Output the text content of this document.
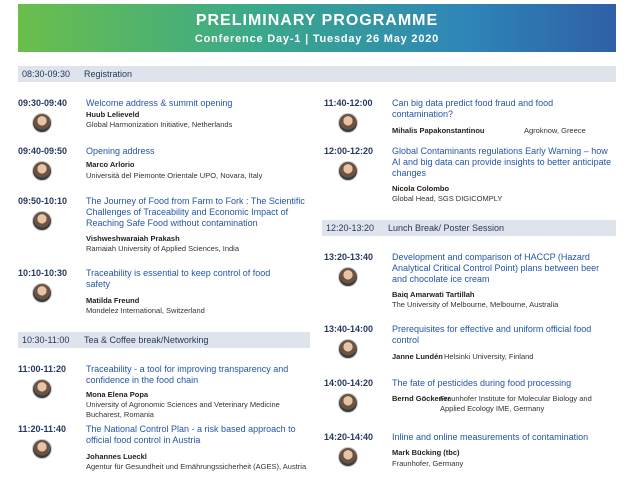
PRELIMINARY PROGRAMME
Conference Day-1 | Tuesday 26 May 2020
08:30-09:30	Registration
09:30-09:40 Welcome address & summit opening
Huub Lelieveld
Global Harmonization Initiative, Netherlands
09:40-09:50 Opening address
Marco Arlorio
Università del Piemonte Orientale UPO, Novara, Italy
09:50-10:10 The Journey of Food from Farm to Fork : The Scientific Challenges of Traceability and Economic Impact of Reaching Safe Food without contamination
Vishweshwaraiah Prakash
Ramaiah University of Applied Sciences, India
10:10-10:30 Traceability is essential to keep control of food safety
Matilda Freund
Mondelez International, Switzerland
10:30-11:00	Tea & Coffee break/Networking
11:00-11:20 Traceability - a tool for improving transparency and confidence in the food chain
Mona Elena Popa
University of Agronomic Sciences and Veterinary Medicine Bucharest, Romania
11:20-11:40 The National Control Plan - a risk based approach to official food control in Austria
Johannes Lueckl
Agentur für Gesundheit und Ernährungssicherheit (AGES), Austria
11:40-12:00 Can big data predict food fraud and food contamination?
Mihalis Papakonstantinou	Agroknow, Greece
12:00-12:20 Global Contaminants regulations Early Warning – how AI and big data can provide insights to better anticipate changes
Nicola Colombo
Global Head, SGS DIGICOMPLY
12:20-13:20	Lunch Break/ Poster Session
13:20-13:40 Development and comparison of HACCP (Hazard Analytical Critical Control Point) plans between beer and chocolate ice cream
Baiq Amarwati Tartillah
The University of Melbourne, Melbourne, Australia
13:40-14:00 Prerequisites for effective and uniform official food control
Janne Lundén Helsinki University, Finland
14:00-14:20 The fate of pesticides during food processing
Bernd Göckener
Fraunhofer Institute for Molecular Biology and Applied Ecology IME, Germany
14:20-14:40 Inline and online measurements of contamination
Mark Bücking (tbc)
Fraunhofer, Germany
